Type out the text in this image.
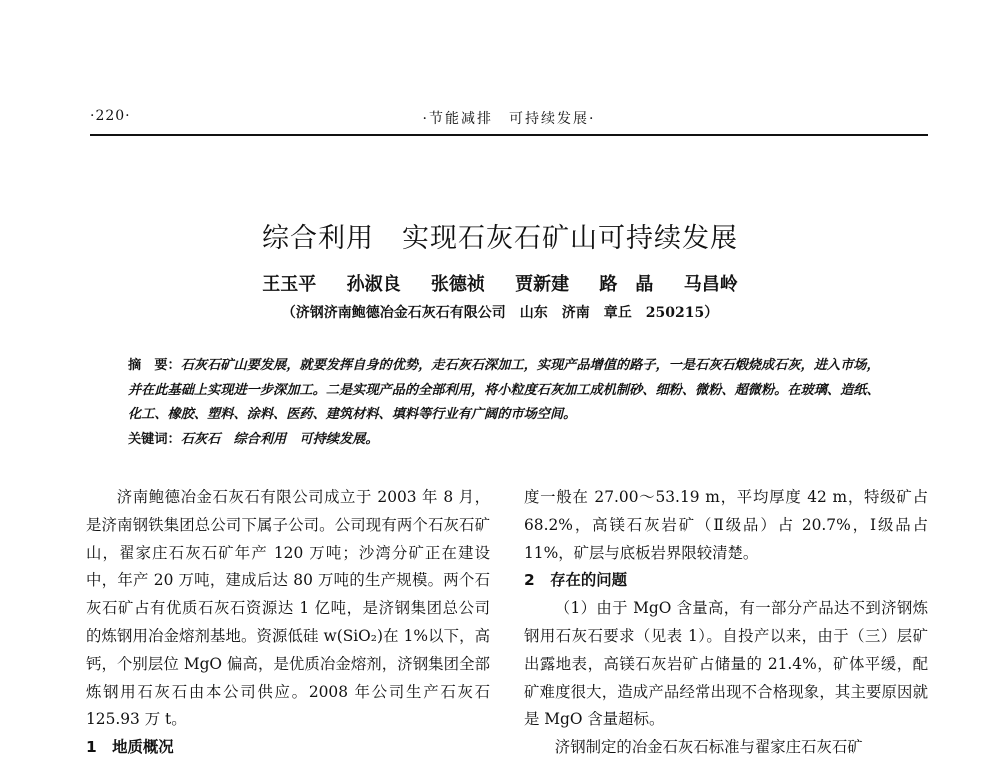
·220·	·节能减排　可持续发展·
综合利用 实现石灰石矿山可持续发展
王玉平 孙淑良 张德祯 贾新建 路　晶 马昌岭
（济钢济南鲍德冶金石灰石有限公司　山东　济南　章丘　250215）
摘　要：石灰石矿山要发展，就要发挥自身的优势，走石灰石深加工，实现产品增值的路子，一是石灰石煅烧成石灰，进入市场，并在此基础上实现进一步深加工。二是实现产品的全部利用，将小粒度石灰加工成机制砂、细粉、微粉、超微粉。在玻璃、造纸、化工、橡胶、塑料、涂料、医药、建筑材料、填料等行业有广阔的市场空间。
关键词：石灰石　综合利用　可持续发展。

济南鲍德冶金石灰石有限公司成立于 2003 年 8 月，是济南钢铁集团总公司下属子公司。公司现有两个石灰石矿山，翟家庄石灰石矿年产 120 万吨；沙湾分矿正在建设中，年产 20 万吨，建成后达 80 万吨的生产规模。两个石灰石矿占有优质石灰石资源达 1 亿吨，是济钢集团总公司的炼钢用冶金熔剂基地。资源低硅 w(SiO₂)在 1%以下，高钙，个别层位 MgO 偏高，是优质冶金熔剂，济钢集团全部炼钢用石灰石由本公司供应。2008 年公司生产石灰石 125.93 万 t。

1　地质概况

度一般在 27.00～53.19 m，平均厚度 42 m，特级矿占 68.2%，高镁石灰岩矿（Ⅱ级品）占 20.7%，Ⅰ级品占 11%，矿层与底板岩界限较清楚。

2　存在的问题

（1）由于 MgO 含量高，有一部分产品达不到济钢炼钢用石灰石要求（见表 1）。自投产以来，由于（三）层矿出露地表，高镁石灰岩矿占储量的 21.4%，矿体平缓，配矿难度很大，造成产品经常出现不合格现象，其主要原因就是 MgO 含量超标。

济钢制定的冶金石灰石标准与翟家庄石灰石矿
